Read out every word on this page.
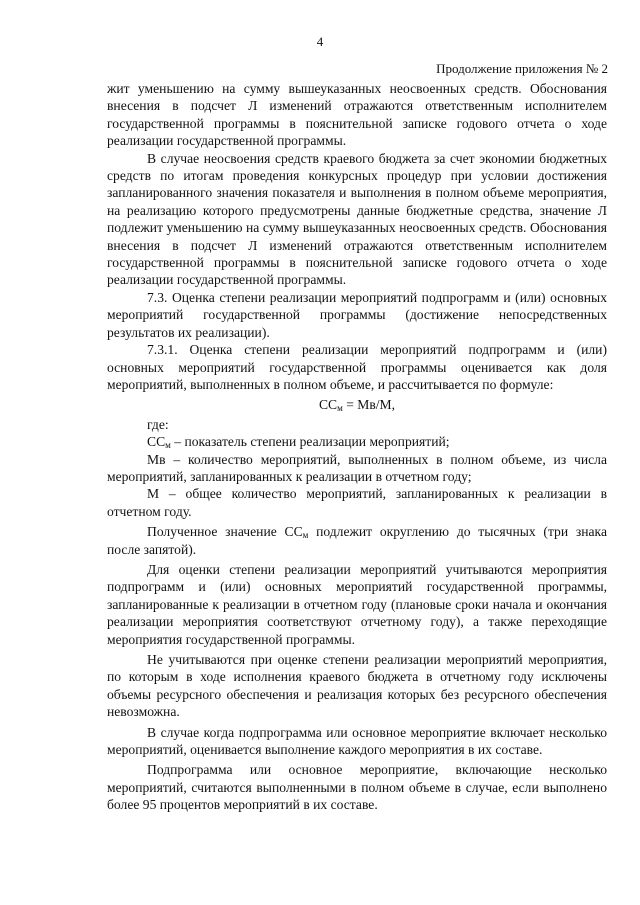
4
Продолжение приложения № 2

жит уменьшению на сумму вышеуказанных неосвоенных средств. Обоснования внесения в подсчет Л изменений отражаются ответственным исполнителем государственной программы в пояснительной записке годового отчета о ходе реализации государственной программы.

В случае неосвоения средств краевого бюджета за счет экономии бюджетных средств по итогам проведения конкурсных процедур при условии достижения запланированного значения показателя и выполнения в полном объеме мероприятия, на реализацию которого предусмотрены данные бюджетные средства, значение Л подлежит уменьшению на сумму вышеуказанных неосвоенных средств. Обоснования внесения в подсчет Л изменений отражаются ответственным исполнителем государственной программы в пояснительной записке годового отчета о ходе реализации государственной программы.

7.3. Оценка степени реализации мероприятий подпрограмм и (или) основных мероприятий государственной программы (достижение непосредственных результатов их реализации).

7.3.1. Оценка степени реализации мероприятий подпрограмм и (или) основных мероприятий государственной программы оценивается как доля мероприятий, выполненных в полном объеме, и рассчитывается по формуле:

$СС_м = Мв/М$,

где:

$СС_м$ – показатель степени реализации мероприятий;

Мв – количество мероприятий, выполненных в полном объеме, из числа мероприятий, запланированных к реализации в отчетном году;

М – общее количество мероприятий, запланированных к реализации в отчетном году.

Полученное значение $СС_м$ подлежит округлению до тысячных (три знака после запятой).

Для оценки степени реализации мероприятий учитываются мероприятия подпрограмм и (или) основных мероприятий государственной программы, запланированные к реализации в отчетном году (плановые сроки начала и окончания реализации мероприятия соответствуют отчетному году), а также переходящие мероприятия государственной программы.

Не учитываются при оценке степени реализации мероприятий мероприятия, по которым в ходе исполнения краевого бюджета в отчетному году исключены объемы ресурсного обеспечения и реализация которых без ресурсного обеспечения невозможна.

В случае когда подпрограмма или основное мероприятие включает несколько мероприятий, оценивается выполнение каждого мероприятия в их составе.

Подпрограмма или основное мероприятие, включающие несколько мероприятий, считаются выполненными в полном объеме в случае, если выполнено более 95 процентов мероприятий в их составе.
